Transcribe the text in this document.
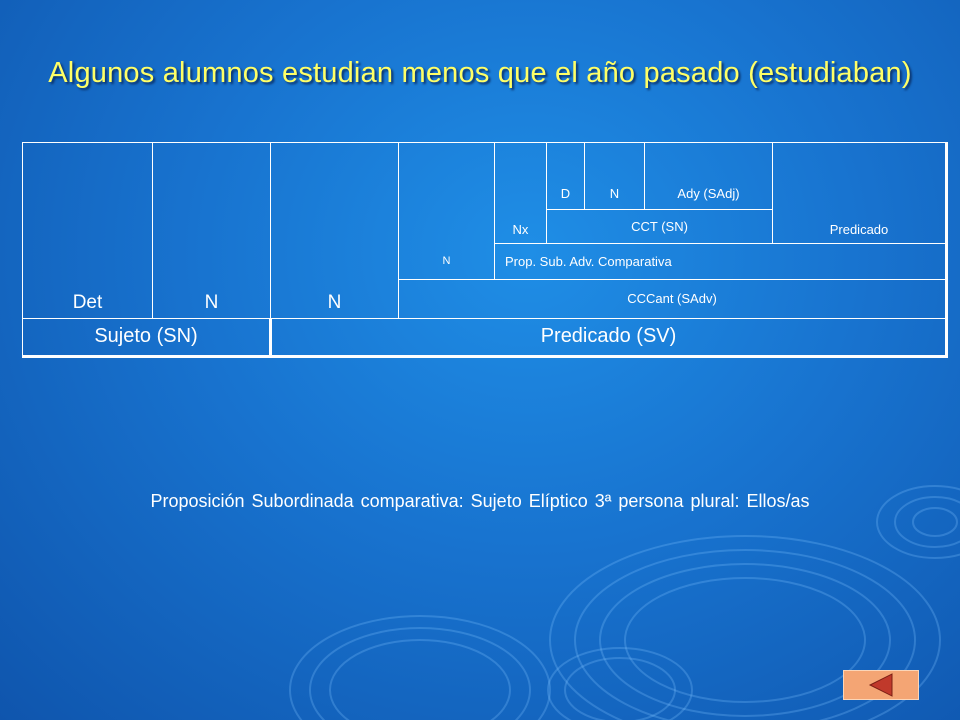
Algunos alumnos estudian menos que el año pasado (estudiaban)
Det	N	N		Nx	D	N	Ady (SAdj)	Predicado
					CCT (SN)			
			N	Prop. Sub. Adv. Comparativa				
			CCCant (SAdv)					
Sujeto (SN)		Predicado (SV)						
Proposición Subordinada comparativa: Sujeto Elíptico 3ª persona plural: Ellos/as
